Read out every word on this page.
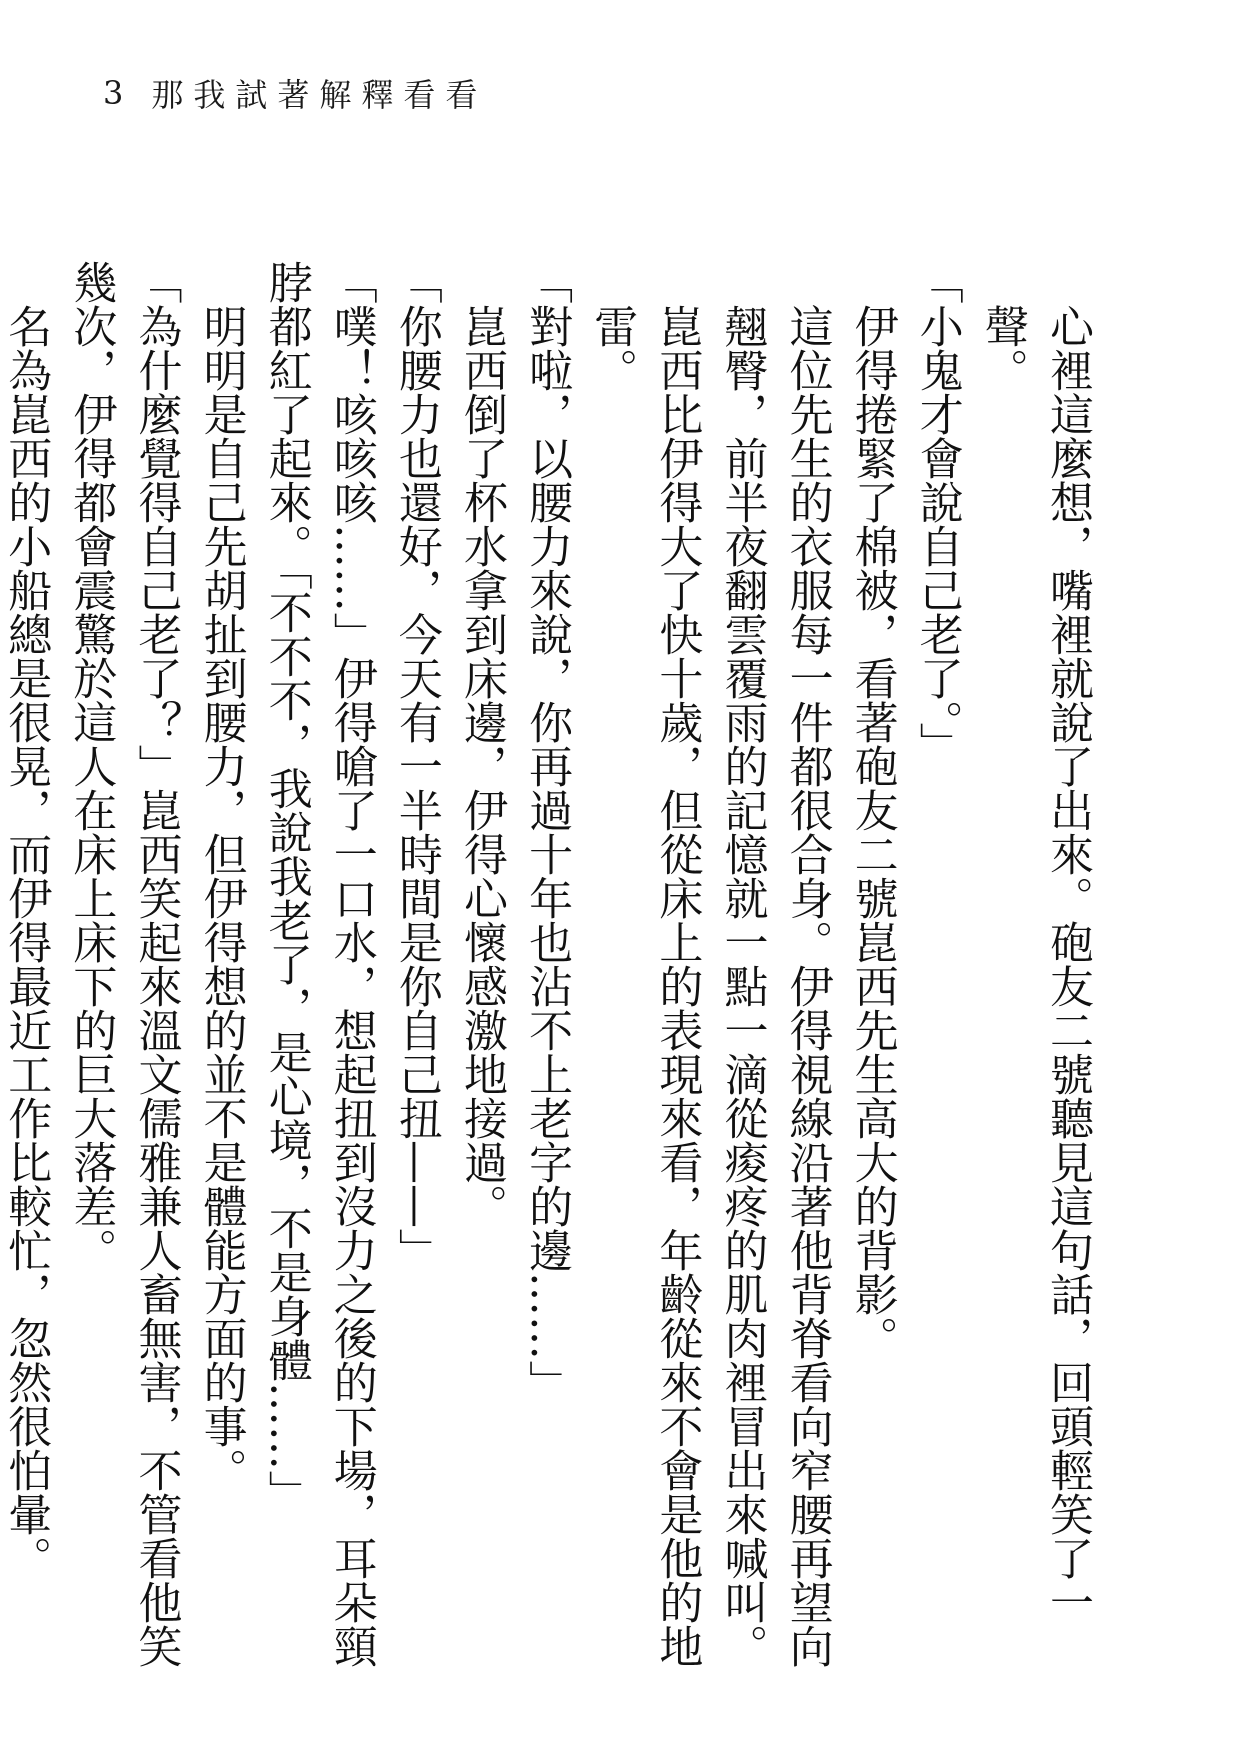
3 那我試著解釋看看

心裡這麼想，嘴裡就說了出來。砲友二號聽見這句話，回頭輕笑了一聲。

「小鬼才會說自己老了。」

伊得捲緊了棉被，看著砲友二號崑西先生高大的背影。

這位先生的衣服每一件都很合身。伊得視線沿著他背脊看向窄腰再望向翹臀，前半夜翻雲覆雨的記憶就一點一滴從痠疼的肌肉裡冒出來喊叫。

崑西比伊得大了快十歲，但從床上的表現來看，年齡從來不會是他的地雷。

「對啦，以腰力來說，你再過十年也沾不上老字的邊……」

崑西倒了杯水拿到床邊，伊得心懷感激地接過。

「你腰力也還好，今天有一半時間是你自己扭——」

「噗！咳咳咳……」伊得嗆了一口水，想起扭到沒力之後的下場，耳朵頸脖都紅了起來。「不不不，我說我老了，是心境，不是身體……」

明明是自己先胡扯到腰力，但伊得想的並不是體能方面的事。

「為什麼覺得自己老了？」崑西笑起來溫文儒雅兼人畜無害，不管看他笑幾次，伊得都會震驚於這人在床上床下的巨大落差。

名為崑西的小船總是很晃，而伊得最近工作比較忙，忽然很怕暈。
